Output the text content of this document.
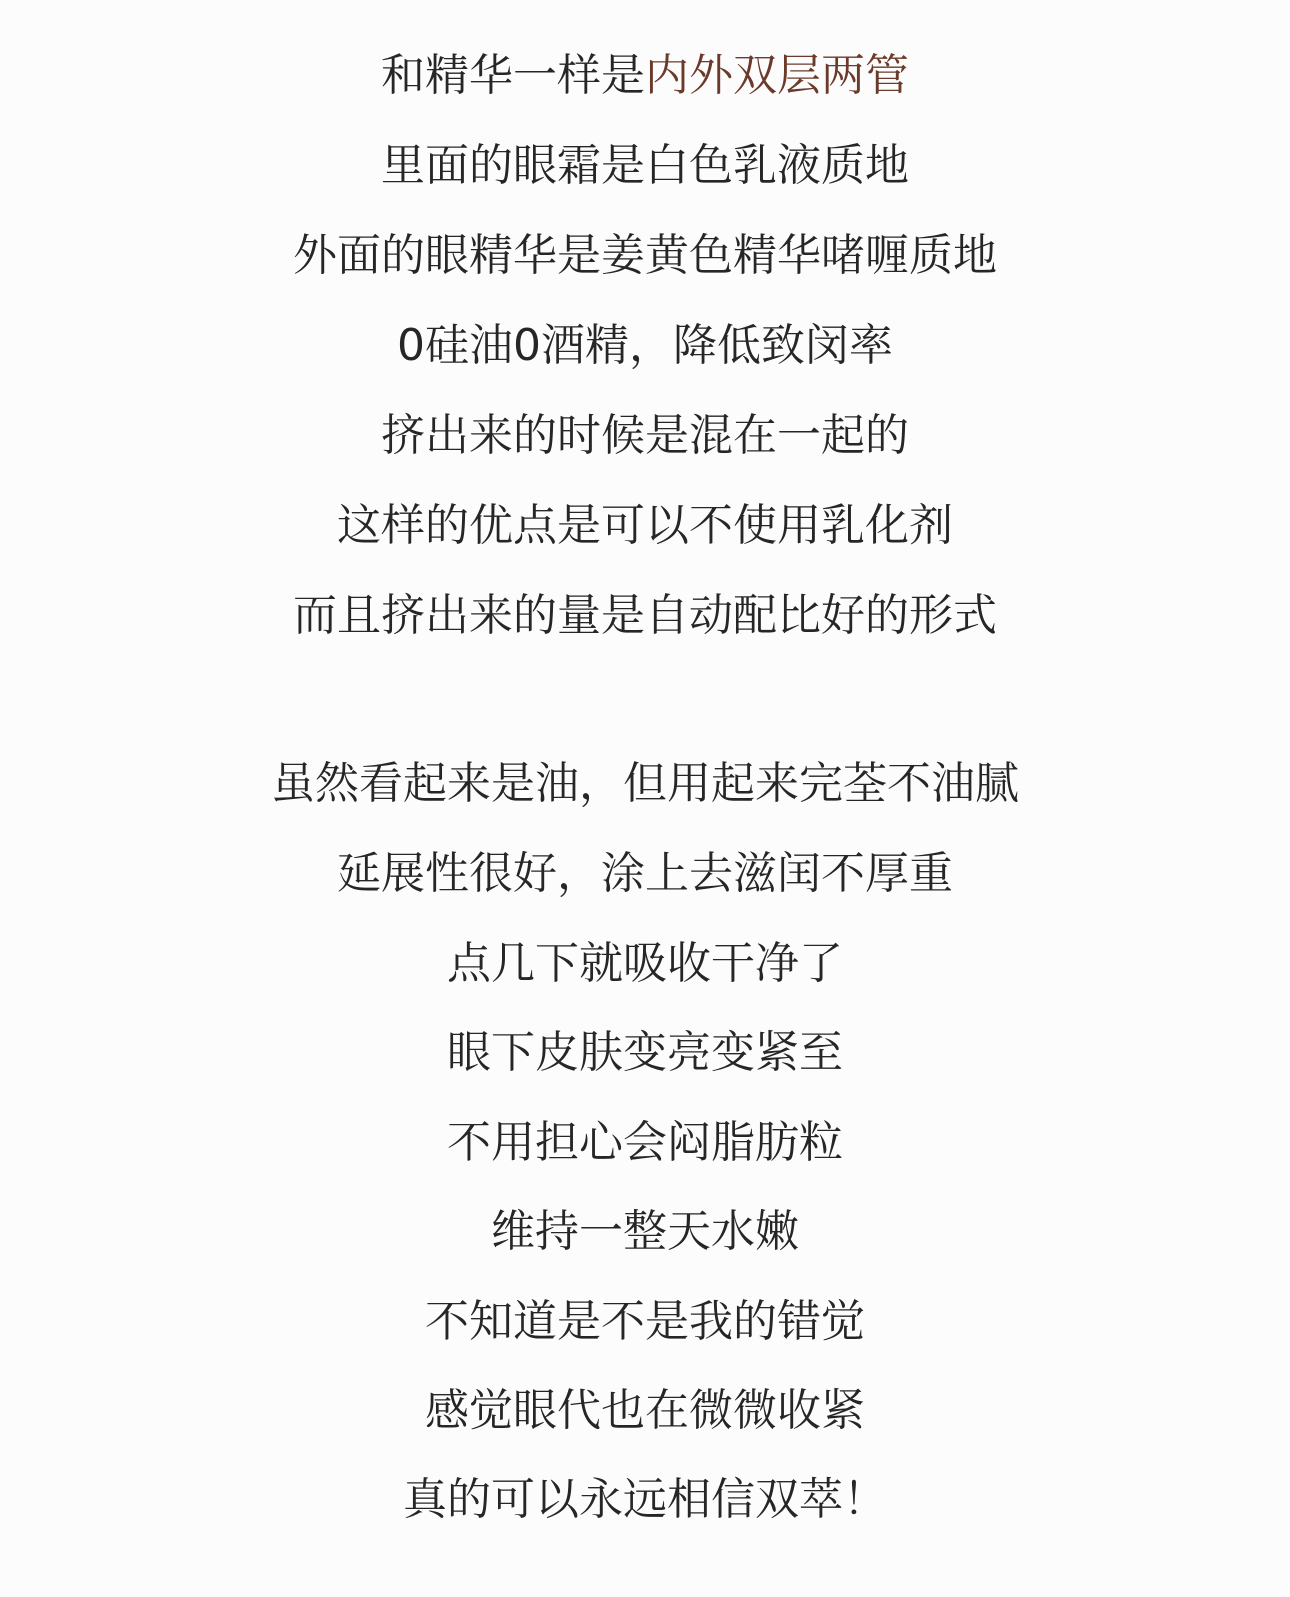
和精华一样是内外双层两管
里面的眼霜是白色乳液质地
外面的眼精华是姜黄色精华啫喱质地
0硅油0酒精，降低致闵率
挤出来的时候是混在一起的
这样的优点是可以不使用乳化剂
而且挤出来的量是自动配比好的形式
虽然看起来是油，但用起来完荃不油腻
延展性很好，涂上去滋闰不厚重
点几下就吸收干净了
眼下皮肤变亮变紧至
不用担心会闷脂肪粒
维持一整天水嫩
不知道是不是我的错觉
感觉眼代也在微微收紧
真的可以永远相信双萃！
